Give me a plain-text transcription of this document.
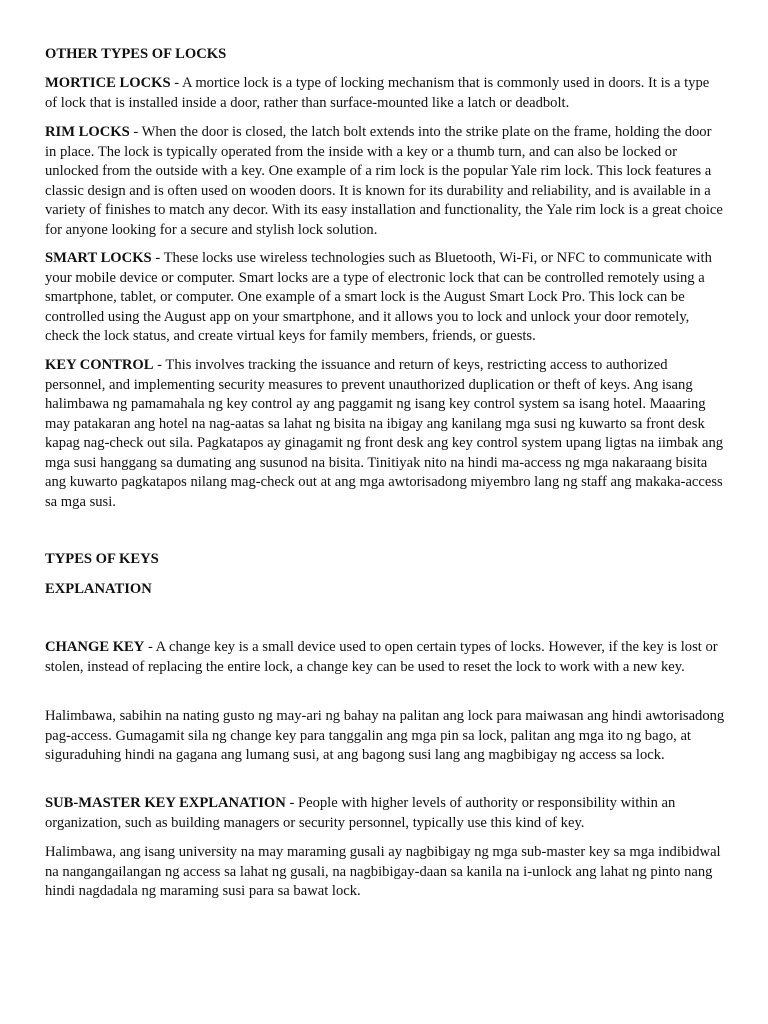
OTHER TYPES OF LOCKS

MORTICE LOCKS - A mortice lock is a type of locking mechanism that is commonly used in doors. It is a type of lock that is installed inside a door, rather than surface-mounted like a latch or deadbolt.

RIM LOCKS - When the door is closed, the latch bolt extends into the strike plate on the frame, holding the door in place. The lock is typically operated from the inside with a key or a thumb turn, and can also be locked or unlocked from the outside with a key. One example of a rim lock is the popular Yale rim lock. This lock features a classic design and is often used on wooden doors. It is known for its durability and reliability, and is available in a variety of finishes to match any decor. With its easy installation and functionality, the Yale rim lock is a great choice for anyone looking for a secure and stylish lock solution.

SMART LOCKS - These locks use wireless technologies such as Bluetooth, Wi-Fi, or NFC to communicate with your mobile device or computer. Smart locks are a type of electronic lock that can be controlled remotely using a smartphone, tablet, or computer. One example of a smart lock is the August Smart Lock Pro. This lock can be controlled using the August app on your smartphone, and it allows you to lock and unlock your door remotely, check the lock status, and create virtual keys for family members, friends, or guests.

KEY CONTROL - This involves tracking the issuance and return of keys, restricting access to authorized personnel, and implementing security measures to prevent unauthorized duplication or theft of keys. Ang isang halimbawa ng pamamahala ng key control ay ang paggamit ng isang key control system sa isang hotel. Maaaring may patakaran ang hotel na nag-aatas sa lahat ng bisita na ibigay ang kanilang mga susi ng kuwarto sa front desk kapag nag-check out sila. Pagkatapos ay ginagamit ng front desk ang key control system upang ligtas na iimbak ang mga susi hanggang sa dumating ang susunod na bisita. Tinitiyak nito na hindi ma-access ng mga nakaraang bisita ang kuwarto pagkatapos nilang mag-check out at ang mga awtorisadong miyembro lang ng staff ang makaka-access sa mga susi.

TYPES OF KEYS

EXPLANATION

CHANGE KEY - A change key is a small device used to open certain types of locks. However, if the key is lost or stolen, instead of replacing the entire lock, a change key can be used to reset the lock to work with a new key.

Halimbawa, sabihin na nating gusto ng may-ari ng bahay na palitan ang lock para maiwasan ang hindi awtorisadong pag-access. Gumagamit sila ng change key para tanggalin ang mga pin sa lock, palitan ang mga ito ng bago, at siguraduhing hindi na gagana ang lumang susi, at ang bagong susi lang ang magbibigay ng access sa lock.

SUB-MASTER KEY EXPLANATION - People with higher levels of authority or responsibility within an organization, such as building managers or security personnel, typically use this kind of key.

Halimbawa, ang isang university na may maraming gusali ay nagbibigay ng mga sub-master key sa mga indibidwal na nangangailangan ng access sa lahat ng gusali, na nagbibigay-daan sa kanila na i-unlock ang lahat ng pinto nang hindi nagdadala ng maraming susi para sa bawat lock.
